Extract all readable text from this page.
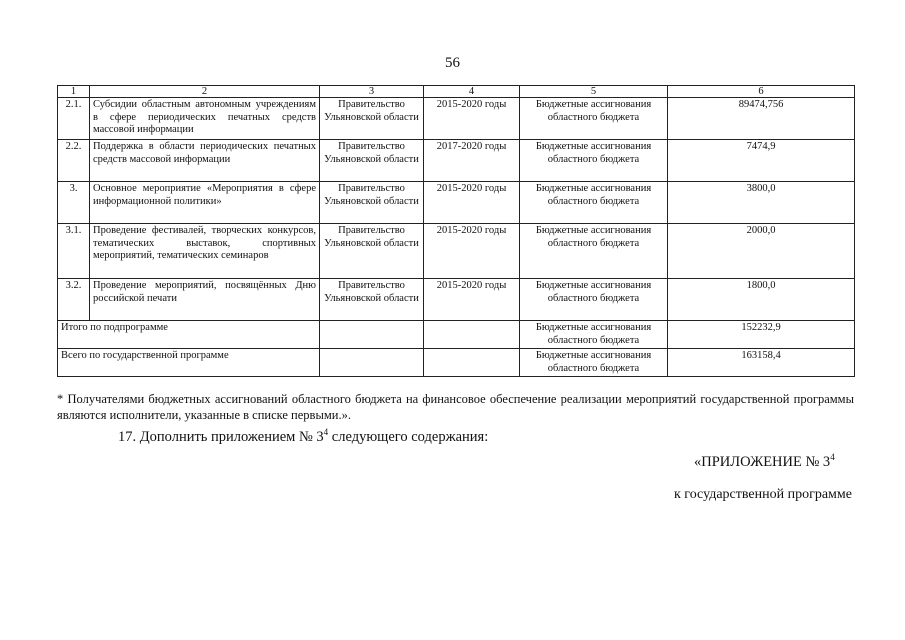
56
1	2	3	4	5	6
2.1.	Субсидии областным автономным учреждениям в сфере периодических печатных средств массовой информации	Правительство Ульяновской области	2015-2020 годы	Бюджетные ассигнования областного бюджета	89474,756
2.2.	Поддержка в области периодических печатных средств массовой информации	Правительство Ульяновской области	2017-2020 годы	Бюджетные ассигнования областного бюджета	7474,9
3.	Основное мероприятие «Мероприятия в сфере информационной политики»	Правительство Ульяновской области	2015-2020 годы	Бюджетные ассигнования областного бюджета	3800,0
3.1.	Проведение фестивалей, творческих конкурсов, тематических выставок, спортивных мероприятий, тематических семинаров	Правительство Ульяновской области	2015-2020 годы	Бюджетные ассигнования областного бюджета	2000,0
3.2.	Проведение мероприятий, посвящённых Дню российской печати	Правительство Ульяновской области	2015-2020 годы	Бюджетные ассигнования областного бюджета	1800,0
Итого по подпрограмме				Бюджетные ассигнования областного бюджета	152232,9
Всего по государственной программе				Бюджетные ассигнования областного бюджета	163158,4
* Получателями бюджетных ассигнований областного бюджета на финансовое обеспечение реализации мероприятий государственной программы являются исполнители, указанные в списке первыми.».
17. Дополнить приложением № $3^4$ следующего содержания:
«ПРИЛОЖЕНИЕ № $3^4$
к государственной программе
